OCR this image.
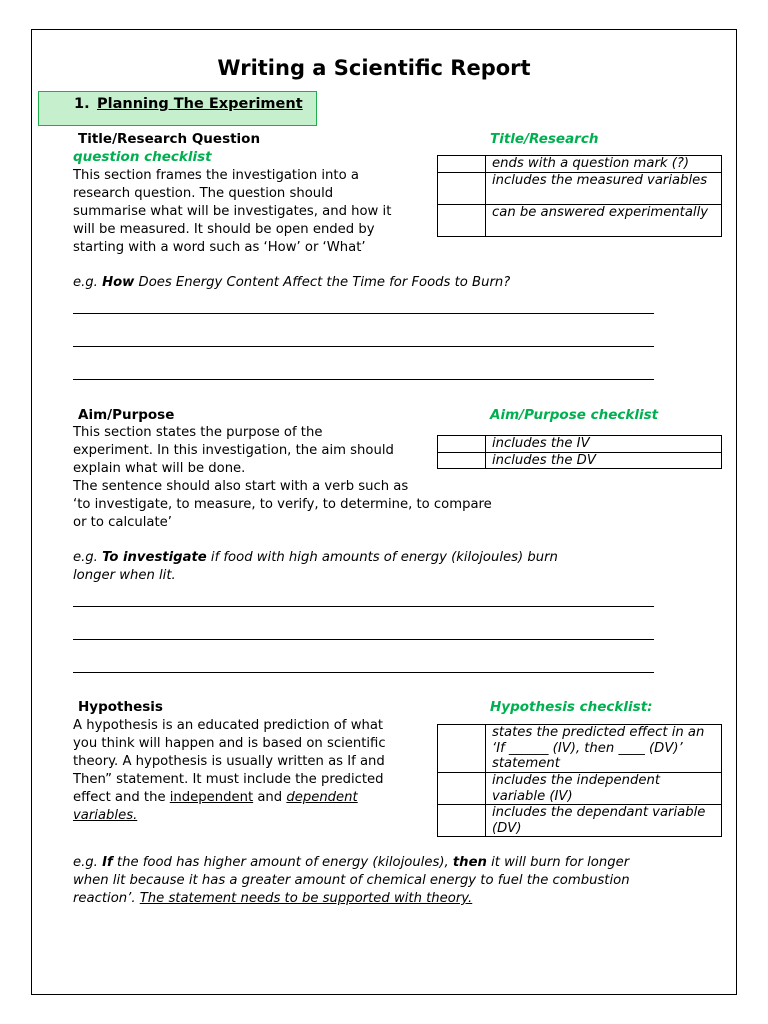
Writing a Scientific Report
1. Planning The Experiment
Title/Research Question	Title/Research
question checklist
This section frames the investigation into a
research question. The question should
summarise what will be investigates, and how it
will be measured. It should be open ended by
starting with a word such as ‘How’ or ‘What’
	ends with a question mark (?)
	includes the measured variables
	can be answered experimentally
e.g. How Does Energy Content Affect the Time for Foods to Burn?
Aim/Purpose	Aim/Purpose checklist
This section states the purpose of the
experiment. In this investigation, the aim should
explain what will be done.
The sentence should also start with a verb such as
‘to investigate, to measure, to verify, to determine, to compare
or to calculate’
	includes the IV
	includes the DV
e.g. To investigate if food with high amounts of energy (kilojoules) burn
longer when lit.
Hypothesis	Hypothesis checklist:
A hypothesis is an educated prediction of what
you think will happen and is based on scientific
theory. A hypothesis is usually written as If and
Then” statement. It must include the predicted
effect and the independent and dependent
variables.
	states the predicted effect in an ‘If ______ (IV), then ____ (DV)’ statement
	includes the independent variable (IV)
	includes the dependant variable (DV)
e.g. If the food has higher amount of energy (kilojoules), then it will burn for longer
when lit because it has a greater amount of chemical energy to fuel the combustion
reaction’. The statement needs to be supported with theory.
